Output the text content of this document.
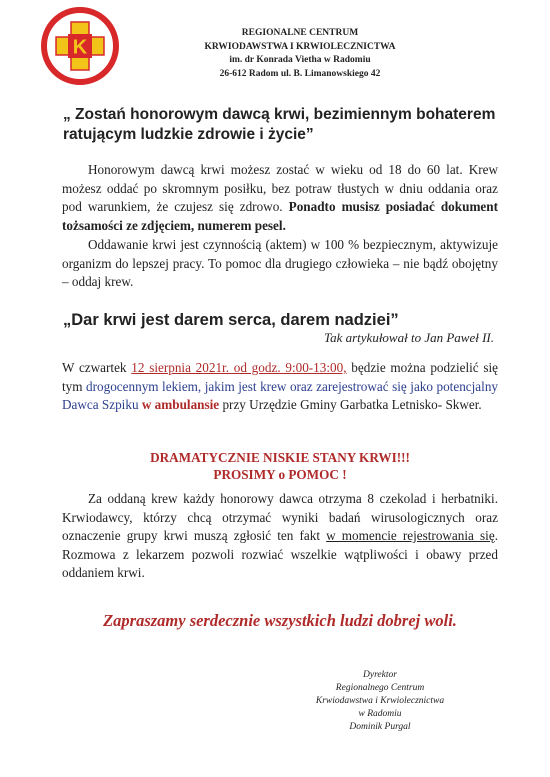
K
REGIONALNE CENTRUM
KRWIODAWSTWA I KRWIOLECZNICTWA
im. dr Konrada Vietha w Radomiu
26-612 Radom ul. B. Limanowskiego 42
„ Zostań honorowym dawcą krwi, bezimiennym bohaterem ratującym ludzkie zdrowie i życie”
Honorowym dawcą krwi możesz zostać w wieku od 18 do 60 lat. Krew możesz oddać po skromnym posiłku, bez potraw tłustych w dniu oddania oraz pod warunkiem, że czujesz się zdrowo. Ponadto musisz posiadać dokument tożsamości ze zdjęciem, numerem pesel.
Oddawanie krwi jest czynnością (aktem) w 100 % bezpiecznym, aktywizuje organizm do lepszej pracy. To pomoc dla drugiego człowieka – nie bądź obojętny – oddaj krew.
„Dar krwi jest darem serca, darem nadziei”
Tak artykułował to Jan Paweł II.
W czwartek 12 sierpnia 2021r. od godz. 9:00-13:00, będzie można podzielić się tym drogocennym lekiem, jakim jest krew oraz zarejestrować się jako potencjalny Dawca Szpiku w ambulansie przy Urzędzie Gminy Garbatka Letnisko- Skwer.
DRAMATYCZNIE NISKIE STANY KRWI!!!
PROSIMY o POMOC !
Za oddaną krew każdy honorowy dawca otrzyma 8 czekolad i herbatniki. Krwiodawcy, którzy chcą otrzymać wyniki badań wirusologicznych oraz oznaczenie grupy krwi muszą zgłosić ten fakt w momencie rejestrowania się. Rozmowa z lekarzem pozwoli rozwiać wszelkie wątpliwości i obawy przed oddaniem krwi.
Zapraszamy serdecznie wszystkich ludzi dobrej woli.
Dyrektor
Regionalnego Centrum
Krwiodawstwa i Krwiolecznictwa
w Radomiu
Dominik Purgal
